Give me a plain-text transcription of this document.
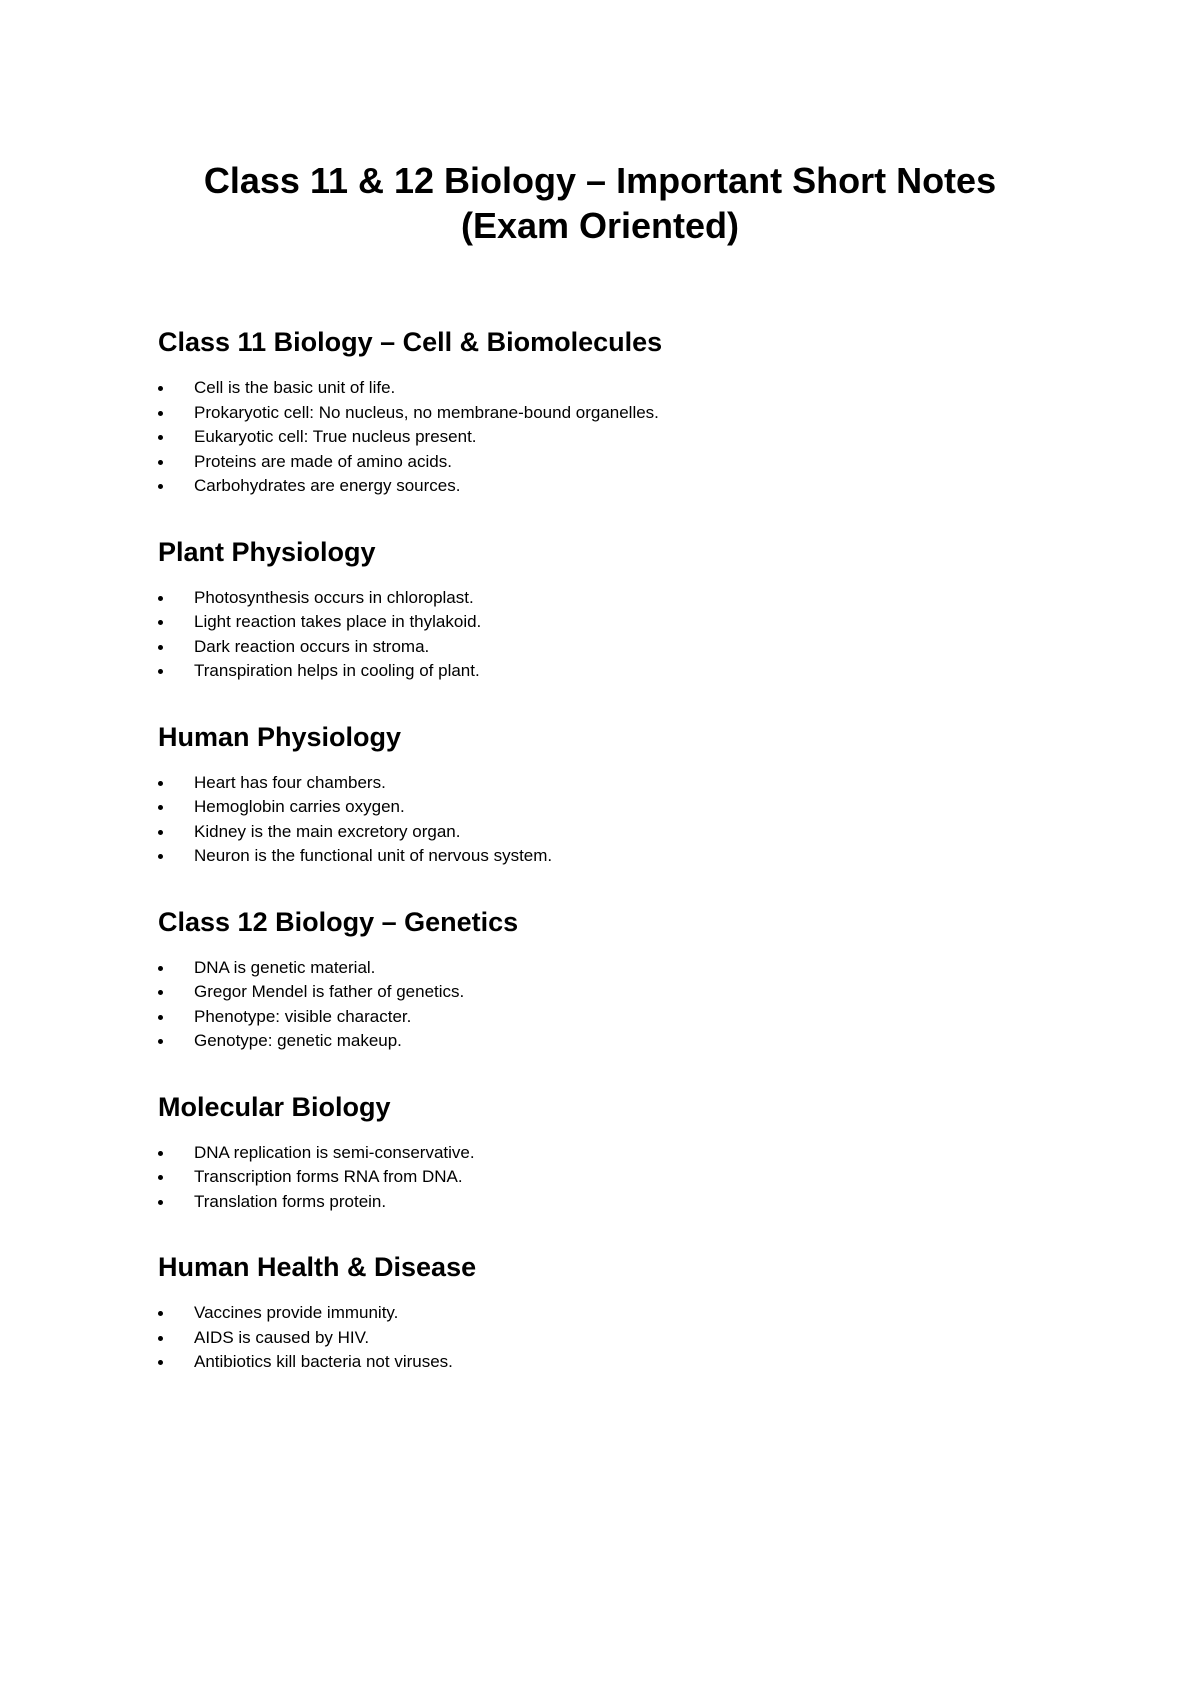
Class 11 & 12 Biology – Important Short Notes
(Exam Oriented)
Class 11 Biology – Cell & Biomolecules
Cell is the basic unit of life.
Prokaryotic cell: No nucleus, no membrane-bound organelles.
Eukaryotic cell: True nucleus present.
Proteins are made of amino acids.
Carbohydrates are energy sources.
Plant Physiology
Photosynthesis occurs in chloroplast.
Light reaction takes place in thylakoid.
Dark reaction occurs in stroma.
Transpiration helps in cooling of plant.
Human Physiology
Heart has four chambers.
Hemoglobin carries oxygen.
Kidney is the main excretory organ.
Neuron is the functional unit of nervous system.
Class 12 Biology – Genetics
DNA is genetic material.
Gregor Mendel is father of genetics.
Phenotype: visible character.
Genotype: genetic makeup.
Molecular Biology
DNA replication is semi-conservative.
Transcription forms RNA from DNA.
Translation forms protein.
Human Health & Disease
Vaccines provide immunity.
AIDS is caused by HIV.
Antibiotics kill bacteria not viruses.
